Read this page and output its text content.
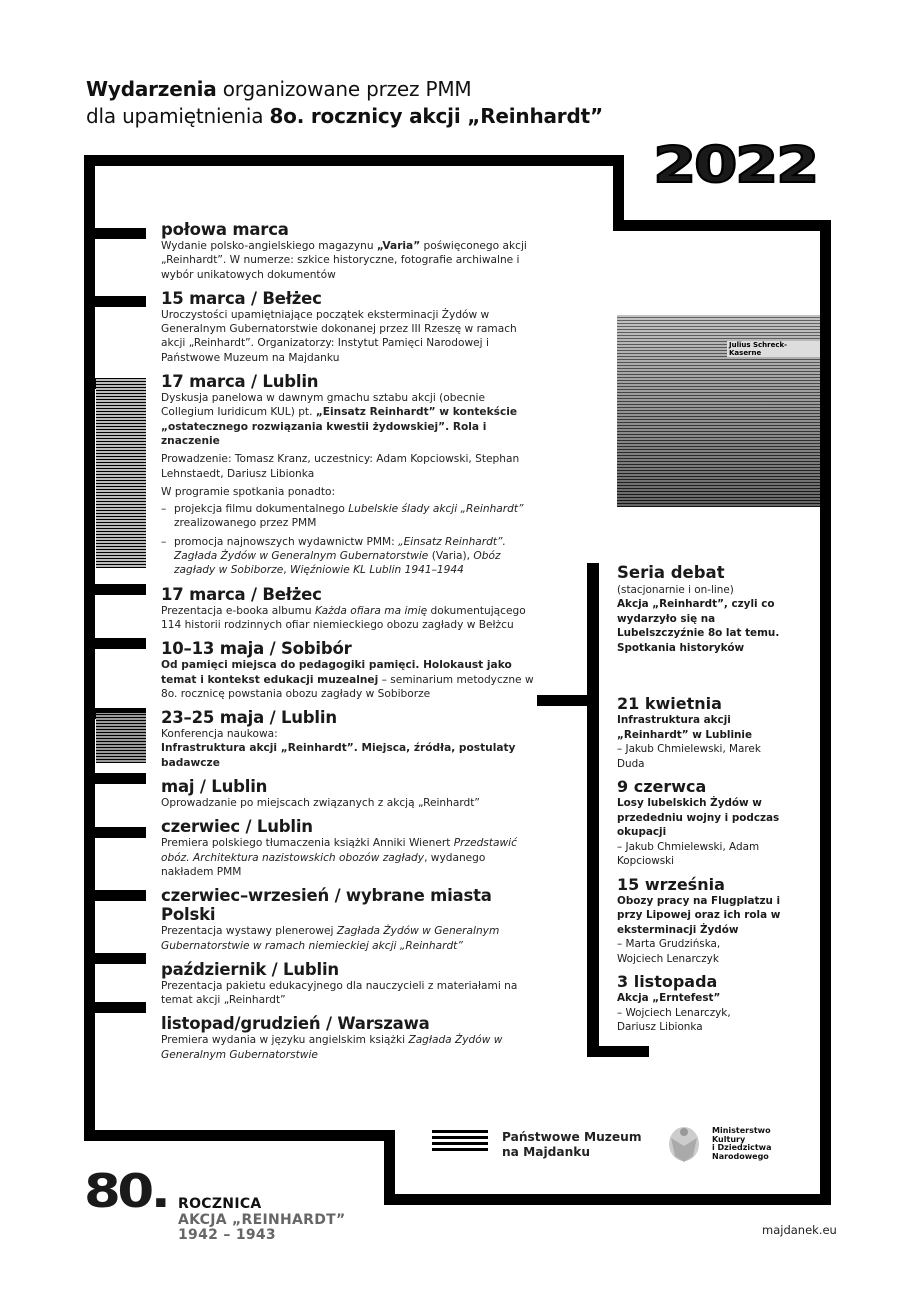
Wydarzenia organizowane przez PMM
dla upamiętnienia 8o. rocznicy akcji „Reinhardt”
2022
Julius Schreck-Kaserne
połowa marca

Wydanie polsko-angielskiego magazynu „Varia” poświęconego akcji „Reinhardt”. W numerze: szkice historyczne, fotografie archiwalne i wybór unikatowych dokumentów

15 marca / Bełżec

Uroczystości upamiętniające początek eksterminacji Żydów w Generalnym Gubernatorstwie dokonanej przez III Rzeszę w ramach akcji „Reinhardt”. Organizatorzy: Instytut Pamięci Narodowej i Państwowe Muzeum na Majdanku

17 marca / Lublin

Dyskusja panelowa w dawnym gmachu sztabu akcji (obecnie Collegium Iuridicum KUL) pt. „Einsatz Reinhardt” w kontekście „ostatecznego rozwiązania kwestii żydowskiej”. Rola i znaczenie

Prowadzenie: Tomasz Kranz, uczestnicy: Adam Kopciowski, Stephan Lehnstaedt, Dariusz Libionka

W programie spotkania ponadto:

– projekcja filmu dokumentalnego Lubelskie ślady akcji „Reinhardt” zrealizowanego przez PMM
– promocja najnowszych wydawnictw PMM: „Einsatz Reinhardt”. Zagłada Żydów w Generalnym Gubernatorstwie (Varia), Obóz zagłady w Sobiborze, Więźniowie KL Lublin 1941–1944
17 marca / Bełżec

Prezentacja e-booka albumu Każda ofiara ma imię dokumentującego 114 historii rodzinnych ofiar niemieckiego obozu zagłady w Bełżcu

10–13 maja / Sobibór

Od pamięci miejsca do pedagogiki pamięci. Holokaust jako temat i kontekst edukacji muzealnej – seminarium metodyczne w 8o. rocznicę powstania obozu zagłady w Sobiborze

23–25 maja / Lublin

Konferencja naukowa:
Infrastruktura akcji „Reinhardt”. Miejsca, źródła, postulaty badawcze

maj / Lublin

Oprowadzanie po miejscach związanych z akcją „Reinhardt”

czerwiec / Lublin

Premiera polskiego tłumaczenia książki Anniki Wienert Przedstawić obóz. Architektura nazistowskich obozów zagłady, wydanego nakładem PMM

czerwiec–wrzesień / wybrane miasta Polski

Prezentacja wystawy plenerowej Zagłada Żydów w Generalnym Gubernatorstwie w ramach niemieckiej akcji „Reinhardt”

październik / Lublin

Prezentacja pakietu edukacyjnego dla nauczycieli z materiałami na temat akcji „Reinhardt”

listopad/grudzień / Warszawa

Premiera wydania w języku angielskim książki Zagłada Żydów w Generalnym Gubernatorstwie

Seria debat

(stacjonarnie i on-line)

Akcja „Reinhardt”, czyli co wydarzyło się na Lubelszczyźnie 8o lat temu. Spotkania historyków

21 kwietnia

Infrastruktura akcji „Reinhardt” w Lublinie

– Jakub Chmielewski, Marek Duda

9 czerwca

Losy lubelskich Żydów w przededniu wojny i podczas okupacji

– Jakub Chmielewski, Adam Kopciowski

15 września

Obozy pracy na Flugplatzu i przy Lipowej oraz ich rola w eksterminacji Żydów

– Marta Grudzińska, Wojciech Lenarczyk

3 listopada

Akcja „Erntefest”

– Wojciech Lenarczyk, Dariusz Libionka

Państwowe Muzeum
na Majdanku
Ministerstwo
Kultury
i Dziedzictwa
Narodowego
80. ROCZNICA
AKCJA „REINHARDT”
1942 – 1943	majdanek.eu
